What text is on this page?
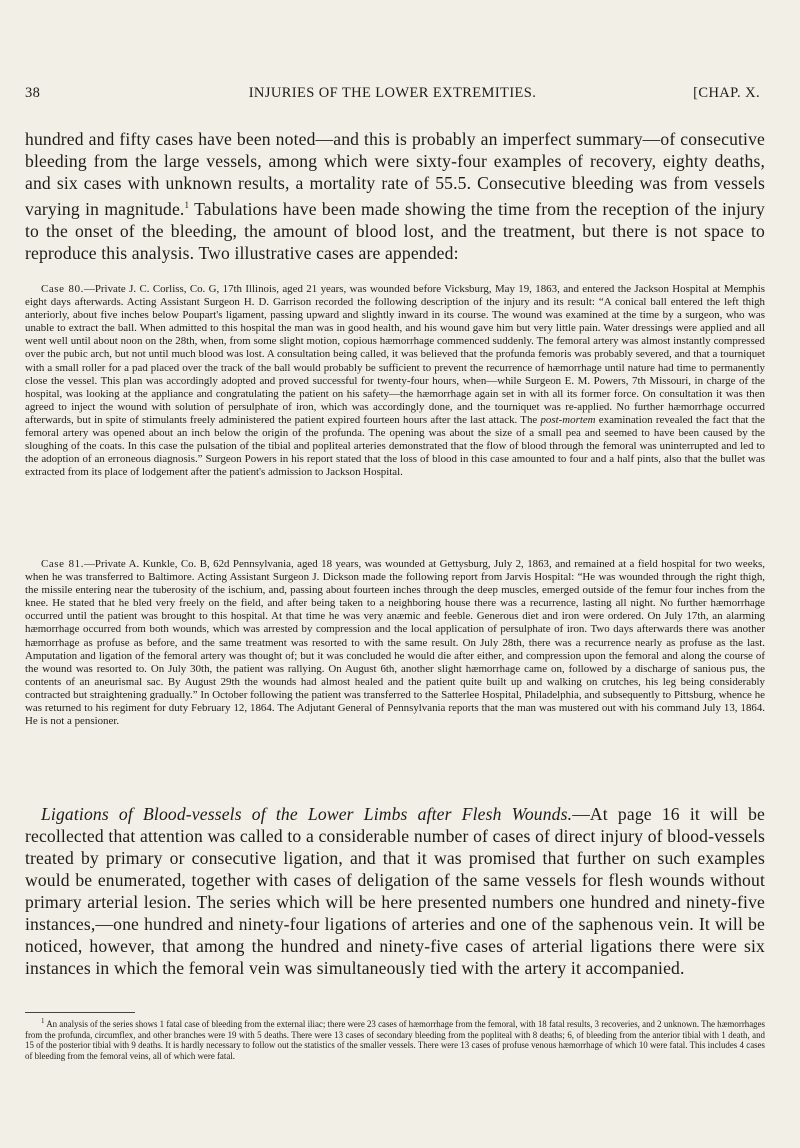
38	INJURIES OF THE LOWER EXTREMITIES.	[CHAP. X.

hundred and fifty cases have been noted—and this is probably an imperfect summary—of consecutive bleeding from the large vessels, among which were sixty-four examples of recovery, eighty deaths, and six cases with unknown results, a mortality rate of 55.5. Consecutive bleeding was from vessels varying in magnitude.$^1$ Tabulations have been made showing the time from the reception of the injury to the onset of the bleeding, the amount of blood lost, and the treatment, but there is not space to reproduce this analysis. Two illustrative cases are appended:

Case 80.—Private J. C. Corliss, Co. G, 17th Illinois, aged 21 years, was wounded before Vicksburg, May 19, 1863, and entered the Jackson Hospital at Memphis eight days afterwards. Acting Assistant Surgeon H. D. Garrison recorded the following description of the injury and its result: “A conical ball entered the left thigh anteriorly, about five inches below Poupart's ligament, passing upward and slightly inward in its course. The wound was examined at the time by a surgeon, who was unable to extract the ball. When admitted to this hospital the man was in good health, and his wound gave him but very little pain. Water dressings were applied and all went well until about noon on the 28th, when, from some slight motion, copious hæmorrhage commenced suddenly. The femoral artery was almost instantly compressed over the pubic arch, but not until much blood was lost. A consultation being called, it was believed that the profunda femoris was probably severed, and that a tourniquet with a small roller for a pad placed over the track of the ball would probably be sufficient to prevent the recurrence of hæmorrhage until nature had time to permanently close the vessel. This plan was accordingly adopted and proved successful for twenty-four hours, when—while Surgeon E. M. Powers, 7th Missouri, in charge of the hospital, was looking at the appliance and congratulating the patient on his safety—the hæmorrhage again set in with all its former force. On consultation it was then agreed to inject the wound with solution of persulphate of iron, which was accordingly done, and the tourniquet was re-applied. No further hæmorrhage occurred afterwards, but in spite of stimulants freely administered the patient expired fourteen hours after the last attack. The post-mortem examination revealed the fact that the femoral artery was opened about an inch below the origin of the profunda. The opening was about the size of a small pea and seemed to have been caused by the sloughing of the coats. In this case the pulsation of the tibial and popliteal arteries demonstrated that the flow of blood through the femoral was uninterrupted and led to the adoption of an erroneous diagnosis.” Surgeon Powers in his report stated that the loss of blood in this case amounted to four and a half pints, also that the bullet was extracted from its place of lodgement after the patient's admission to Jackson Hospital.

Case 81.—Private A. Kunkle, Co. B, 62d Pennsylvania, aged 18 years, was wounded at Gettysburg, July 2, 1863, and remained at a field hospital for two weeks, when he was transferred to Baltimore. Acting Assistant Surgeon J. Dickson made the following report from Jarvis Hospital: “He was wounded through the right thigh, the missile entering near the tuberosity of the ischium, and, passing about fourteen inches through the deep muscles, emerged outside of the femur four inches from the knee. He stated that he bled very freely on the field, and after being taken to a neighboring house there was a recurrence, lasting all night. No further hæmorrhage occurred until the patient was brought to this hospital. At that time he was very anæmic and feeble. Generous diet and iron were ordered. On July 17th, an alarming hæmorrhage occurred from both wounds, which was arrested by compression and the local application of persulphate of iron. Two days afterwards there was another hæmorrhage as profuse as before, and the same treatment was resorted to with the same result. On July 28th, there was a recurrence nearly as profuse as the last. Amputation and ligation of the femoral artery was thought of; but it was concluded he would die after either, and compression upon the femoral and along the course of the wound was resorted to. On July 30th, the patient was rallying. On August 6th, another slight hæmorrhage came on, followed by a discharge of sanious pus, the contents of an aneurismal sac. By August 29th the wounds had almost healed and the patient quite built up and walking on crutches, his leg being considerably contracted but straightening gradually.” In October following the patient was transferred to the Satterlee Hospital, Philadelphia, and subsequently to Pittsburg, whence he was returned to his regiment for duty February 12, 1864. The Adjutant General of Pennsylvania reports that the man was mustered out with his command July 13, 1864. He is not a pensioner.

Ligations of Blood-vessels of the Lower Limbs after Flesh Wounds.—At page 16 it will be recollected that attention was called to a considerable number of cases of direct injury of blood-vessels treated by primary or consecutive ligation, and that it was promised that further on such examples would be enumerated, together with cases of deligation of the same vessels for flesh wounds without primary arterial lesion. The series which will be here presented numbers one hundred and ninety-five instances,—one hundred and ninety-four ligations of arteries and one of the saphenous vein. It will be noticed, however, that among the hundred and ninety-five cases of arterial ligations there were six instances in which the femoral vein was simultaneously tied with the artery it accompanied.

$^1$ An analysis of the series shows 1 fatal case of bleeding from the external iliac; there were 23 cases of hæmorrhage from the femoral, with 18 fatal results, 3 recoveries, and 2 unknown. The hæmorrhages from the profunda, circumflex, and other branches were 19 with 5 deaths. There were 13 cases of secondary bleeding from the popliteal with 8 deaths; 6, of bleeding from the anterior tibial with 1 death, and 15 of the posterior tibial with 9 deaths. It is hardly necessary to follow out the statistics of the smaller vessels. There were 13 cases of profuse venous hæmorrhage of which 10 were fatal. This includes 4 cases of bleeding from the femoral veins, all of which were fatal.
